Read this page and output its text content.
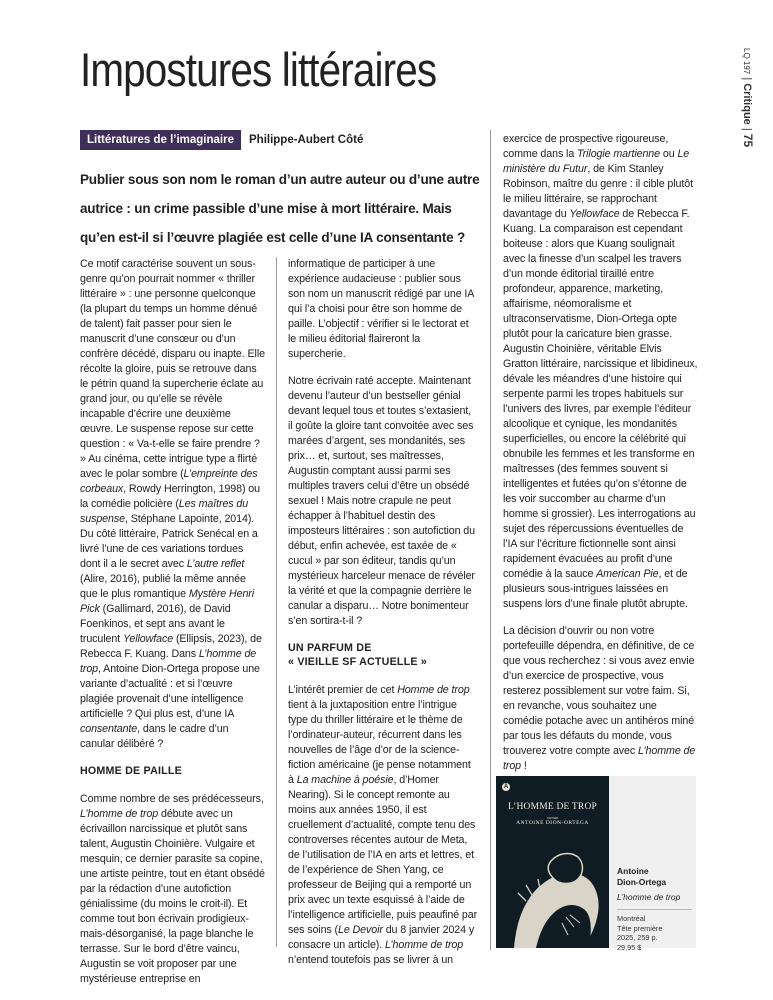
Impostures littéraires	LQ 197 | Critique | 75
Littératures de l’imaginaire	Philippe-Aubert Côté
Publier sous son nom le roman d’un autre auteur ou d’une autre autrice : un crime passible d’une mise à mort littéraire. Mais qu’en est-il si l’œuvre plagiée est celle d’une IA consentante ?

Ce motif caractérise souvent un sous-genre qu’on pourrait nommer « thriller littéraire » : une personne quelconque (la plupart du temps un homme dénué de talent) fait passer pour sien le manuscrit d’une consœur ou d’un confrère décédé, disparu ou inapte. Elle récolte la gloire, puis se retrouve dans le pétrin quand la supercherie éclate au grand jour, ou qu’elle se révèle incapable d’écrire une deuxième œuvre. Le suspense repose sur cette question : « Va-t-elle se faire prendre ? » Au cinéma, cette intrigue type a flirté avec le polar sombre (L’empreinte des corbeaux, Rowdy Herrington, 1998) ou la comédie policière (Les maîtres du suspense, Stéphane Lapointe, 2014). Du côté littéraire, Patrick Senécal en a livré l’une de ces variations tordues dont il a le secret avec L’autre reflet (Alire, 2016), publié la même année que le plus romantique Mystère Henri Pick (Gallimard, 2016), de David Foenkinos, et sept ans avant le truculent Yellowface (Ellipsis, 2023), de Rebecca F. Kuang. Dans L’homme de trop, Antoine Dion-Ortega propose une variante d’actualité : et si l’œuvre plagiée provenait d’une intelligence artificielle ? Qui plus est, d’une IA consentante, dans le cadre d’un canular délibéré ?

HOMME DE PAILLE

Comme nombre de ses prédécesseurs, L’homme de trop débute avec un écrivaillon narcissique et plutôt sans talent, Augustin Choinière. Vulgaire et mesquin, ce dernier parasite sa copine, une artiste peintre, tout en étant obsédé par la rédaction d’une autofiction génialissime (du moins le croit-il). Et comme tout bon écrivain prodigieux-mais-désorganisé, la page blanche le terrasse. Sur le bord d’être vaincu, Augustin se voit proposer par une mystérieuse entreprise en

informatique de participer à une expérience audacieuse : publier sous son nom un manuscrit rédigé par une IA qui l’a choisi pour être son homme de paille. L’objectif : vérifier si le lectorat et le milieu éditorial flaireront la supercherie.

Notre écrivain raté accepte. Maintenant devenu l’auteur d’un bestseller génial devant lequel tous et toutes s’extasient, il goûte la gloire tant convoitée avec ses marées d’argent, ses mondanités, ses prix… et, surtout, ses maîtresses, Augustin comptant aussi parmi ses multiples travers celui d’être un obsédé sexuel ! Mais notre crapule ne peut échapper à l’habituel destin des imposteurs littéraires : son autofiction du début, enfin achevée, est taxée de « cucul » par son éditeur, tandis qu’un mystérieux harceleur menace de révéler la vérité et que la compagnie derrière le canular a disparu… Notre bonimenteur s’en sortira-t-il ?

UN PARFUM DE
« VIEILLE SF ACTUELLE »

L’intérêt premier de cet Homme de trop tient à la juxtaposition entre l’intrigue type du thriller littéraire et le thème de l’ordinateur-auteur, récurrent dans les nouvelles de l’âge d’or de la science-fiction américaine (je pense notamment à La machine à poésie, d’Homer Nearing). Si le concept remonte au moins aux années 1950, il est cruellement d’actualité, compte tenu des controverses récentes autour de Meta, de l’utilisation de l’IA en arts et lettres, et de l’expérience de Shen Yang, ce professeur de Beijing qui a remporté un prix avec un texte esquissé à l’aide de l’intelligence artificielle, puis peaufiné par ses soins (Le Devoir du 8 janvier 2024 y consacre un article). L’homme de trop n’entend toutefois pas se livrer à un

exercice de prospective rigoureuse, comme dans la Trilogie martienne ou Le ministère du Futur, de Kim Stanley Robinson, maître du genre : il cible plutôt le milieu littéraire, se rapprochant davantage du Yellowface de Rebecca F. Kuang. La comparaison est cependant boiteuse : alors que Kuang soulignait avec la finesse d’un scalpel les travers d’un monde éditorial tiraillé entre profondeur, apparence, marketing, affairisme, néomoralisme et ultraconservatisme, Dion-Ortega opte plutôt pour la caricature bien grasse. Augustin Choinière, véritable Elvis Gratton littéraire, narcissique et libidineux, dévale les méandres d’une histoire qui serpente parmi les tropes habituels sur l’univers des livres, par exemple l’éditeur alcoolique et cynique, les mondanités superficielles, ou encore la célébrité qui obnubile les femmes et les transforme en maîtresses (des femmes souvent si intelligentes et futées qu’on s’étonne de les voir succomber au charme d’un homme si grossier). Les interrogations au sujet des répercussions éventuelles de l’IA sur l’écriture fictionnelle sont ainsi rapidement évacuées au profit d’une comédie à la sauce American Pie, et de plusieurs sous-intrigues laissées en suspens lors d’une finale plutôt abrupte.

La décision d’ouvrir ou non votre portefeuille dépendra, en définitive, de ce que vous recherchez : si vous avez envie d’un exercice de prospective, vous resterez possiblement sur votre faim. Si, en revanche, vous souhaitez une comédie potache avec un antihéros miné par tous les défauts du monde, vous trouverez votre compte avec L’homme de trop !

A
L’HOMME DE TROP
roman
ANTOINE DION-ORTEGA
Antoine
Dion-Ortega
L’homme de trop
Montréal
Tête première
2025, 259 p.
29,95 $
